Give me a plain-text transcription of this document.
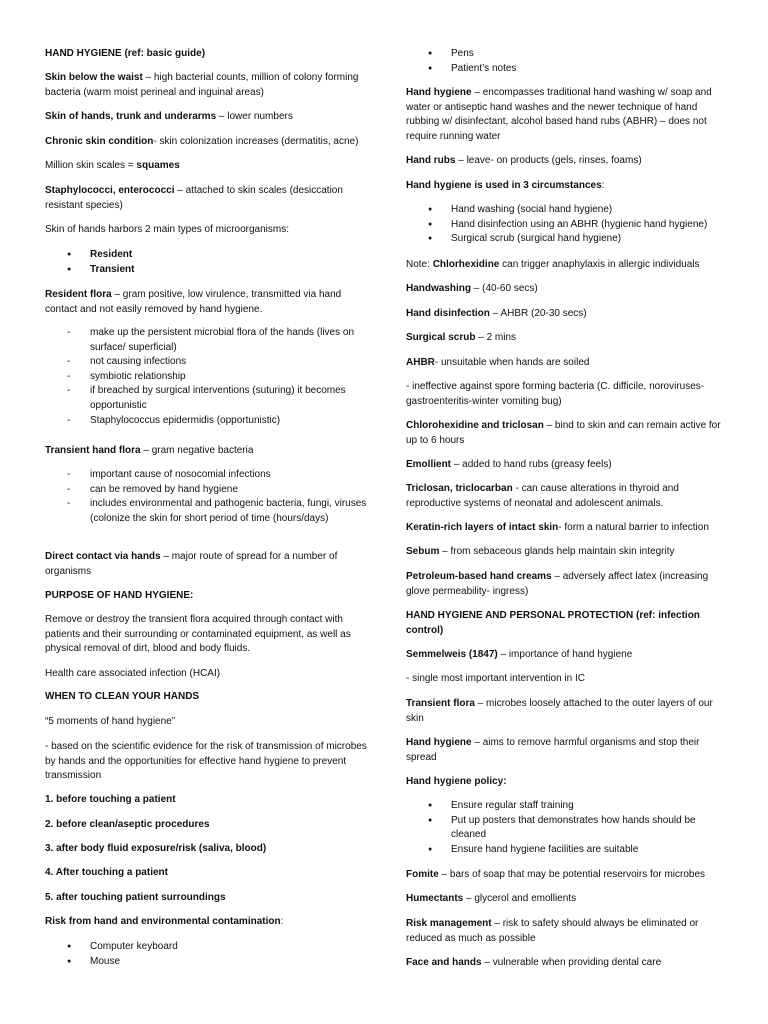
HAND HYGIENE (ref: basic guide)

Skin below the waist – high bacterial counts, million of colony forming bacteria (warm moist perineal and inguinal areas)

Skin of hands, trunk and underarms – lower numbers

Chronic skin condition- skin colonization increases (dermatitis, acne)

Million skin scales = squames

Staphylococci, enterococci – attached to skin scales (desiccation resistant species)

Skin of hands harbors 2 main types of microorganisms:

● Resident
● Transient

Resident flora – gram positive, low virulence, transmitted via hand contact and not easily removed by hand hygiene.

- make up the persistent microbial flora of the hands (lives on surface/ superficial)
- not causing infections
- symbiotic relationship
- if breached by surgical interventions (suturing) it becomes opportunistic
- Staphylococcus epidermidis (opportunistic)

Transient hand flora – gram negative bacteria

- important cause of nosocomial infections
- can be removed by hand hygiene
- includes environmental and pathogenic bacteria, fungi, viruses (colonize the skin for short period of time (hours/days)

Direct contact via hands – major route of spread for a number of organisms

PURPOSE OF HAND HYGIENE:

Remove or destroy the transient flora acquired through contact with patients and their surrounding or contaminated equipment, as well as physical removal of dirt, blood and body fluids.

Health care associated infection (HCAI)

WHEN TO CLEAN YOUR HANDS

“5 moments of hand hygiene”

- based on the scientific evidence for the risk of transmission of microbes by hands and the opportunities for effective hand hygiene to prevent transmission

1. before touching a patient

2. before clean/aseptic procedures

3. after body fluid exposure/risk (saliva, blood)

4. After touching a patient

5. after touching patient surroundings

Risk from hand and environmental contamination:

● Computer keyboard
● Mouse
● Pens
● Patient’s notes

Hand hygiene – encompasses traditional hand washing w/ soap and water or antiseptic hand washes and the newer technique of hand rubbing w/ disinfectant, alcohol based hand rubs (ABHR) – does not require running water

Hand rubs – leave- on products (gels, rinses, foams)

Hand hygiene is used in 3 circumstances:

● Hand washing (social hand hygiene)
● Hand disinfection using an ABHR (hygienic hand hygiene)
● Surgical scrub (surgical hand hygiene)

Note: Chlorhexidine can trigger anaphylaxis in allergic individuals

Handwashing – (40-60 secs)

Hand disinfection – AHBR (20-30 secs)

Surgical scrub – 2 mins

AHBR- unsuitable when hands are soiled

- ineffective against spore forming bacteria (C. difficile, noroviruses-gastroenteritis-winter vomiting bug)

Chlorohexidine and triclosan – bind to skin and can remain active for up to 6 hours

Emollient – added to hand rubs (greasy feels)

Triclosan, triclocarban - can cause alterations in thyroid and reproductive systems of neonatal and adolescent animals.

Keratin-rich layers of intact skin- form a natural barrier to infection

Sebum – from sebaceous glands help maintain skin integrity

Petroleum-based hand creams – adversely affect latex (increasing glove permeability- ingress)

HAND HYGIENE AND PERSONAL PROTECTION (ref: infection control)

Semmelweis (1847) – importance of hand hygiene

- single most important intervention in IC

Transient flora – microbes loosely attached to the outer layers of our skin

Hand hygiene – aims to remove harmful organisms and stop their spread

Hand hygiene policy:

● Ensure regular staff training
● Put up posters that demonstrates how hands should be cleaned
● Ensure hand hygiene facilities are suitable

Fomite – bars of soap that may be potential reservoirs for microbes

Humectants – glycerol and emollients

Risk management – risk to safety should always be eliminated or reduced as much as possible

Face and hands – vulnerable when providing dental care
